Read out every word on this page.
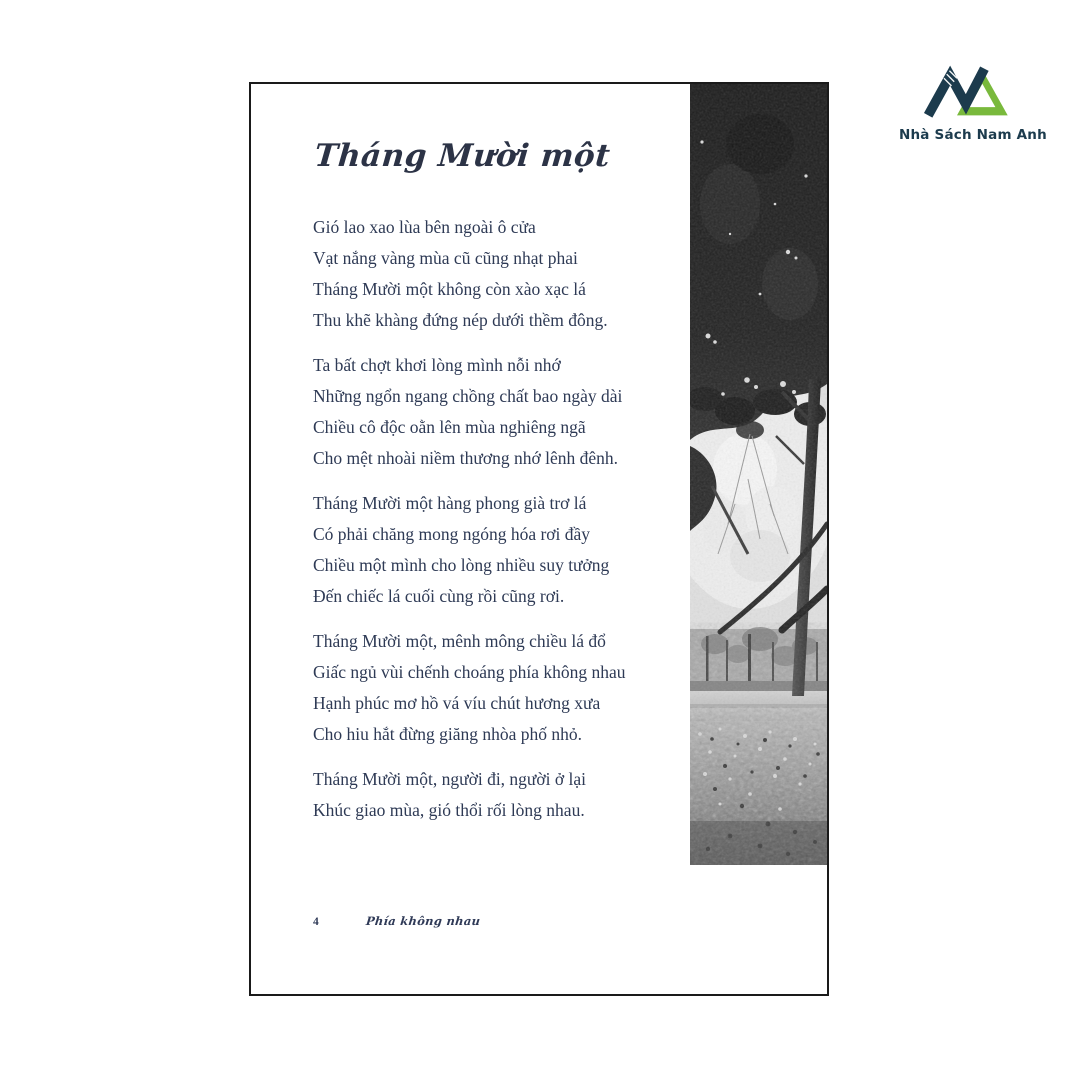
Tháng Mười một
Gió lao xao lùa bên ngoài ô cửa
Vạt nắng vàng mùa cũ cũng nhạt phai
Tháng Mười một không còn xào xạc lá
Thu khẽ khàng đứng nép dưới thềm đông.
Ta bất chợt khơi lòng mình nỗi nhớ
Những ngổn ngang chồng chất bao ngày dài
Chiều cô độc oằn lên mùa nghiêng ngã
Cho mệt nhoài niềm thương nhớ lênh đênh.
Tháng Mười một hàng phong già trơ lá
Có phải chăng mong ngóng hóa rơi đầy
Chiều một mình cho lòng nhiều suy tưởng
Đến chiếc lá cuối cùng rồi cũng rơi.
Tháng Mười một, mênh mông chiều lá đổ
Giấc ngủ vùi chếnh choáng phía không nhau
Hạnh phúc mơ hồ vá víu chút hương xưa
Cho hiu hắt đừng giăng nhòa phố nhỏ.
Tháng Mười một, người đi, người ở lại
Khúc giao mùa, gió thổi rối lòng nhau.
4	Phía không nhau
Nhà Sách Nam Anh
